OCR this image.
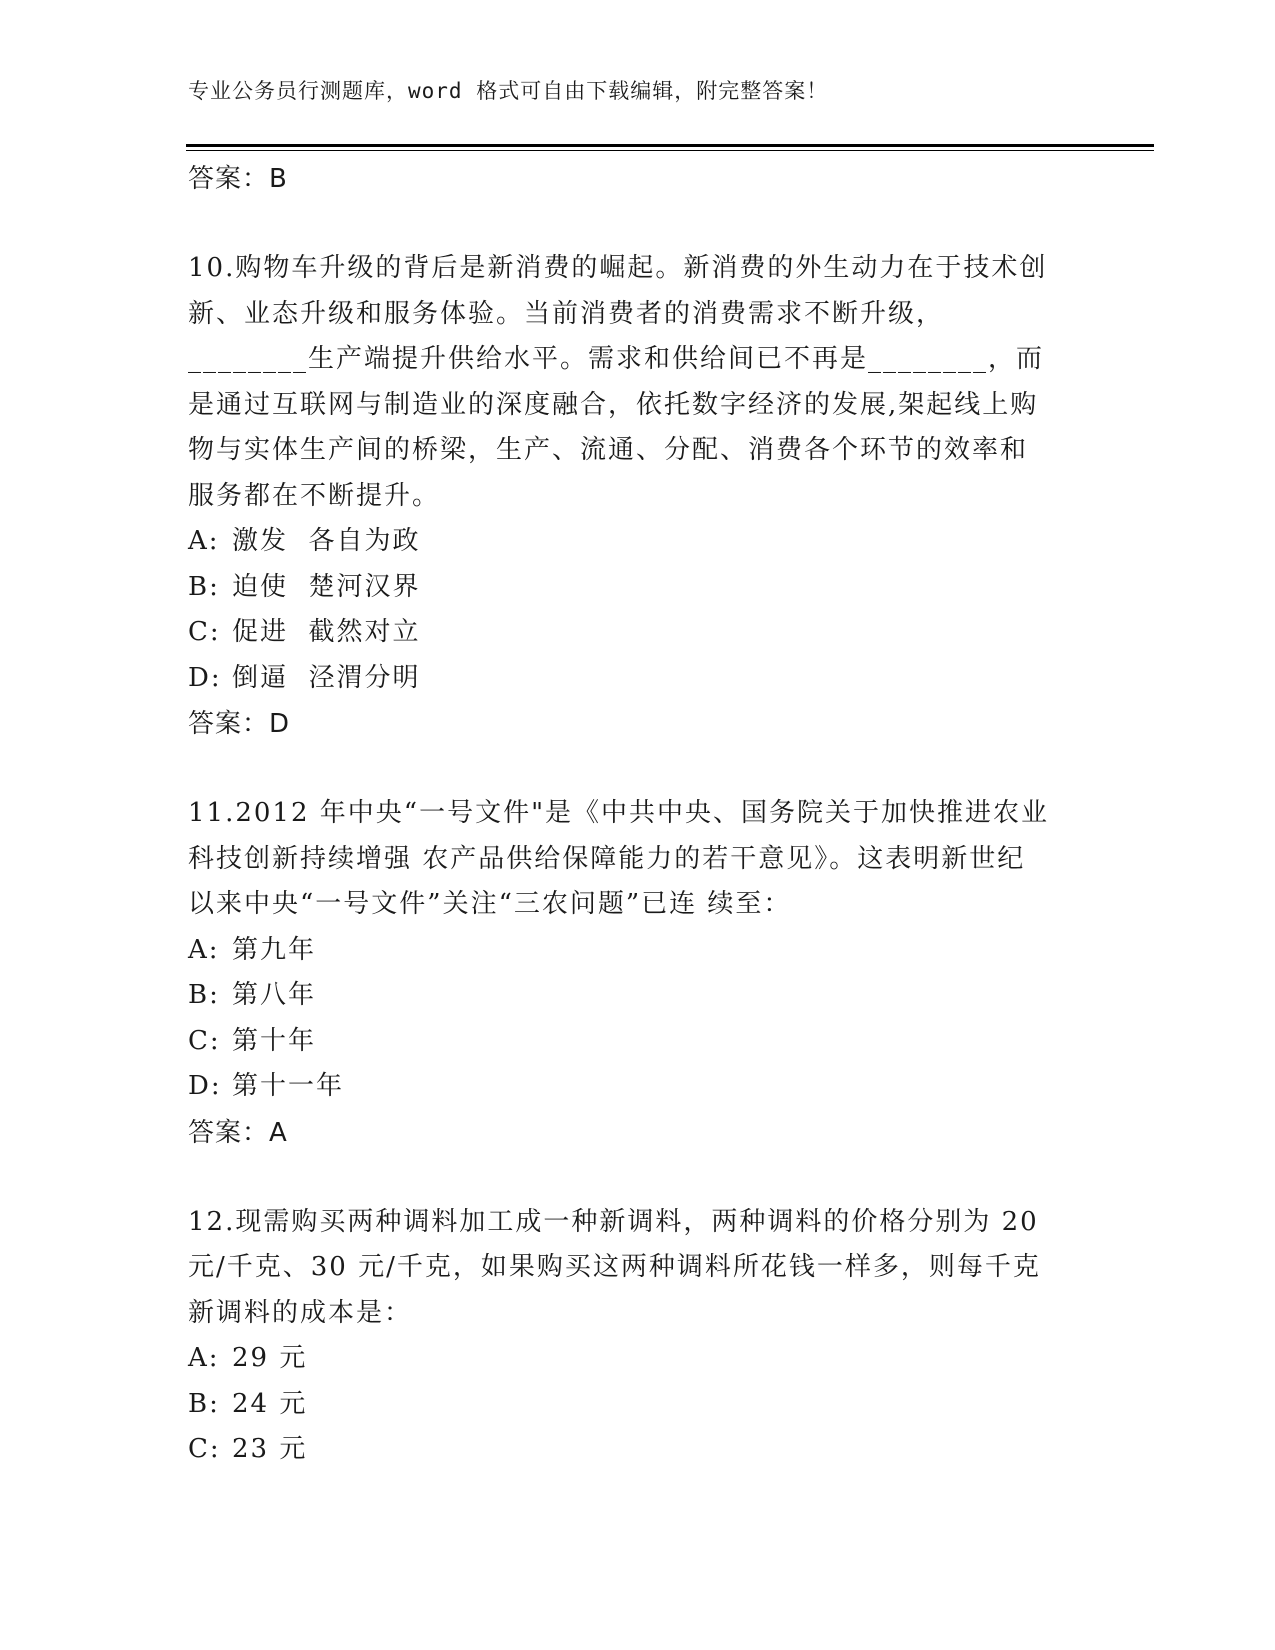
专业公务员行测题库，word 格式可自由下载编辑，附完整答案！
答案：B
10.购物车升级的背后是新消费的崛起。新消费的外生动力在于技术创
新、业态升级和服务体验。当前消费者的消费需求不断升级，
________生产端提升供给水平。需求和供给间已不再是________，而
是通过互联网与制造业的深度融合，依托数字经济的发展,架起线上购
物与实体生产间的桥梁，生产、流通、分配、消费各个环节的效率和
服务都在不断提升。
A: 激发  各自为政
B: 迫使  楚河汉界
C: 促进  截然对立
D: 倒逼  泾渭分明
答案：D
11.2012 年中央“一号文件"是《中共中央、国务院关于加快推进农业
科技创新持续增强 农产品供给保障能力的若干意见》。这表明新世纪
以来中央“一号文件”关注“三农问题”已连 续至：
A: 第九年
B: 第八年
C: 第十年
D: 第十一年
答案：A
12.现需购买两种调料加工成一种新调料，两种调料的价格分别为 20
元/千克、30 元/千克，如果购买这两种调料所花钱一样多，则每千克
新调料的成本是：
A: 29 元
B: 24 元
C: 23 元
